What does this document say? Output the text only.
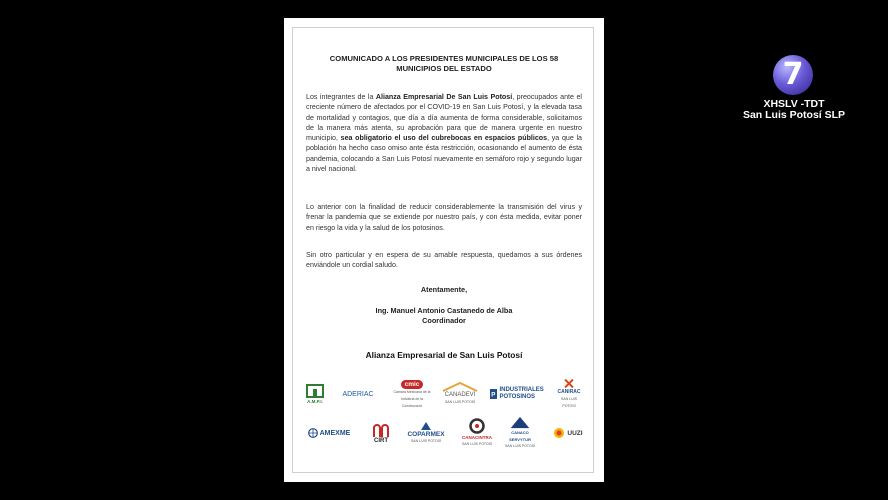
COMUNICADO A LOS PRESIDENTES MUNICIPALES DE LOS 58
MUNICIPIOS DEL ESTADO

Los integrantes de la Alianza Empresarial De San Luis Potosí, preocupados ante el creciente número de afectados por el COVID-19 en San Luis Potosí, y la elevada tasa de mortalidad y contagios, que día a día aumenta de forma considerable, solicitamos de la manera más atenta, su aprobación para que de manera urgente en nuestro municipio, sea obligatorio el uso del cubrebocas en espacios públicos, ya que la población ha hecho caso omiso ante ésta restricción, ocasionando el aumento de ésta pandemia, colocando a San Luis Potosí nuevamente en semáforo rojo y segundo lugar a nivel nacional.

Lo anterior con la finalidad de reducir considerablemente la transmisión del virus y frenar la pandemia que se extiende por nuestro país, y con ésta medida, evitar poner en riesgo la vida y la salud de los potosinos.

Sin otro particular y en espera de su amable respuesta, quedamos a sus órdenes enviándole un cordial saludo.

Atentamente,
Ing. Manuel Antonio Castanedo de Alba
Coordinador
Alianza Empresarial de San Luis Potosí
A.M.P.I.
ADERIAC
cmic
Cámara Mexicana de la Industria de la Construcción
CANADEVI
SAN LUIS POTOSÍ
P
INDUSTRIALES POTOSINOS
CANIRAC
SAN LUIS POTOSÍ
AMEXME
CIRT
COPARMEX
SAN LUIS POTOSÍ
CANACINTRA
SAN LUIS POTOSÍ
CANACO SERVYTUR
SAN LUIS POTOSÍ
UUZI
7
XHSLV -TDT
San Luis Potosí SLP
